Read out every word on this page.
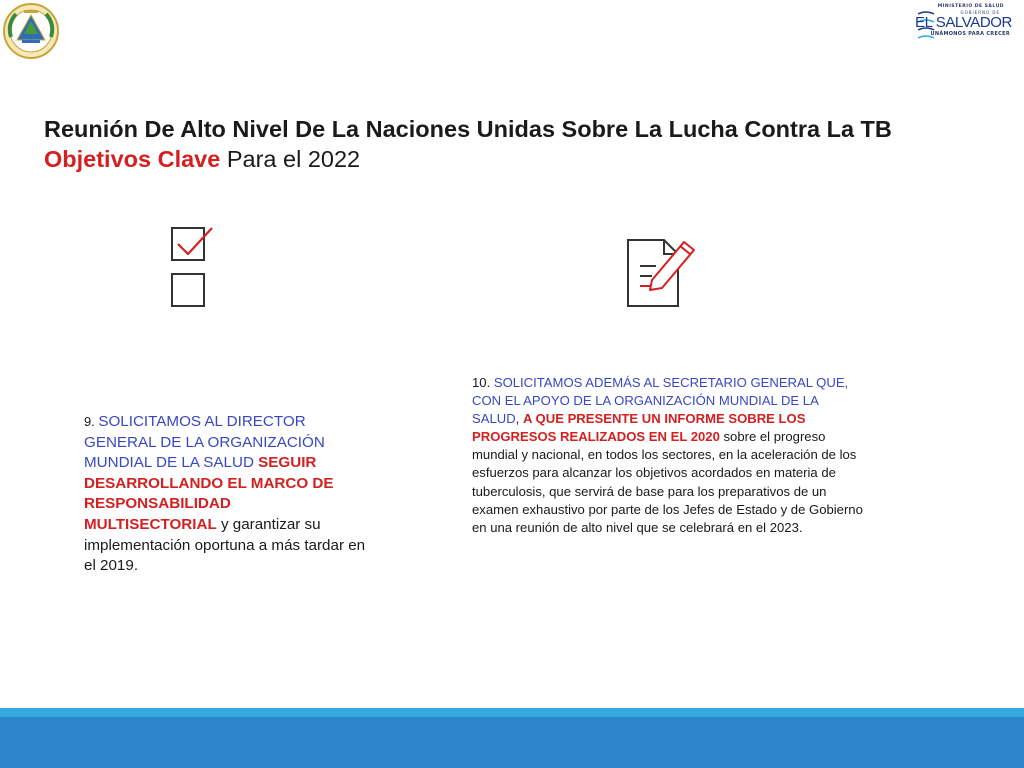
MINISTERIO DE SALUD
GOBIERNO DE
EL SALVADOR
UNÁMONOS PARA CRECER
Reunión De Alto Nivel De La Naciones Unidas Sobre La Lucha Contra La TB Objetivos Clave Para el 2022
9. SOLICITAMOS AL DIRECTOR GENERAL DE LA ORGANIZACIÓN MUNDIAL DE LA SALUD SEGUIR DESARROLLANDO EL MARCO DE RESPONSABILIDAD MULTISECTORIAL y garantizar su implementación oportuna a más tardar en el 2019.
10. SOLICITAMOS ADEMÁS AL SECRETARIO GENERAL QUE, CON EL APOYO DE LA ORGANIZACIÓN MUNDIAL DE LA SALUD, A QUE PRESENTE UN INFORME SOBRE LOS PROGRESOS REALIZADOS EN EL 2020 sobre el progreso mundial y nacional, en todos los sectores, en la aceleración de los esfuerzos para alcanzar los objetivos acordados en materia de tuberculosis, que servirá de base para los preparativos de un examen exhaustivo por parte de los Jefes de Estado y de Gobierno en una reunión de alto nivel que se celebrará en el 2023.
